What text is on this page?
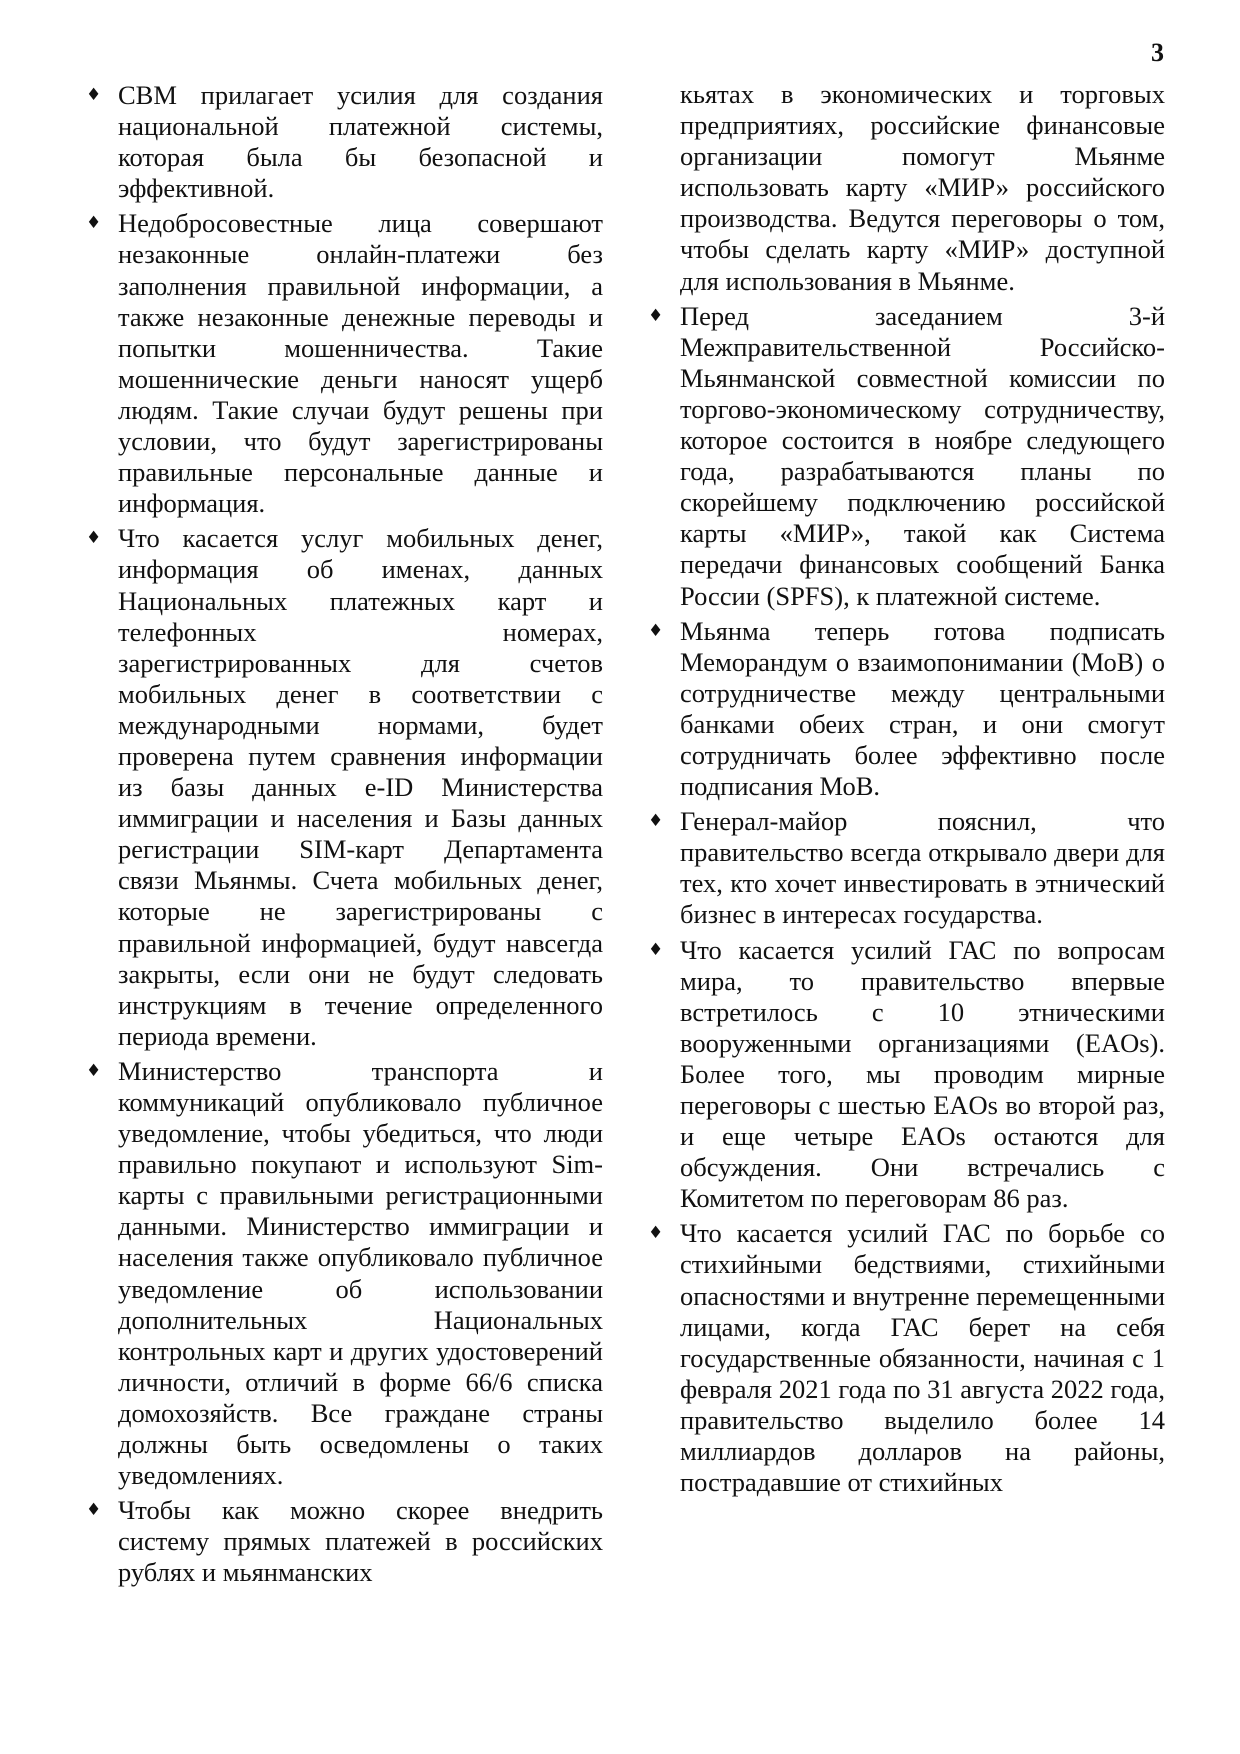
3
♦ СВМ прилагает усилия для создания национальной платежной системы, которая была бы безопасной и эффективной.
♦ Недобросовестные лица совершают незаконные онлайн-платежи без заполнения правильной информации, а также незаконные денежные переводы и попытки мошенничества. Такие мошеннические деньги наносят ущерб людям. Такие случаи будут решены при условии, что будут зарегистрированы правильные персональные данные и информация.
♦ Что касается услуг мобильных денег, информация об именах, данных Национальных платежных карт и телефонных номерах, зарегистрированных для счетов мобильных денег в соответствии с международными нормами, будет проверена путем сравнения информации из базы данных e-ID Министерства иммиграции и населения и Базы данных регистрации SIM-карт Департамента связи Мьянмы. Счета мобильных денег, которые не зарегистрированы с правильной информацией, будут навсегда закрыты, если они не будут следовать инструкциям в течение определенного периода времени.
♦ Министерство транспорта и коммуникаций опубликовало публичное уведомление, чтобы убедиться, что люди правильно покупают и используют Sim-карты с правильными регистрационными данными. Министерство иммиграции и населения также опубликовало публичное уведомление об использовании дополнительных Национальных контрольных карт и других удостоверений личности, отличий в форме 66/6 списка домохозяйств. Все граждане страны должны быть осведомлены о таких уведомлениях.
♦ Чтобы как можно скорее внедрить систему прямых платежей в российских рублях и мьянманских
кьятах в экономических и торговых предприятиях, российские финансовые организации помогут Мьянме использовать карту «МИР» российского производства. Ведутся переговоры о том, чтобы сделать карту «МИР» доступной для использования в Мьянме.
♦ Перед заседанием 3-й Межправительственной Российско-Мьянманской совместной комиссии по торгово-экономическому сотрудничеству, которое состоится в ноябре следующего года, разрабатываются планы по скорейшему подключению российской карты «МИР», такой как Система передачи финансовых сообщений Банка России (SPFS), к платежной системе.
♦ Мьянма теперь готова подписать Меморандум о взаимопонимании (МоВ) о сотрудничестве между центральными банками обеих стран, и они смогут сотрудничать более эффективно после подписания МоВ.
♦ Генерал-майор пояснил, что правительство всегда открывало двери для тех, кто хочет инвестировать в этнический бизнес в интересах государства.
♦ Что касается усилий ГАС по вопросам мира, то правительство впервые встретилось с 10 этническими вооруженными организациями (EAOs). Более того, мы проводим мирные переговоры с шестью EAOs во второй раз, и еще четыре EAOs остаются для обсуждения. Они встречались с Комитетом по переговорам 86 раз.
♦ Что касается усилий ГАС по борьбе со стихийными бедствиями, стихийными опасностями и внутренне перемещенными лицами, когда ГАС берет на себя государственные обязанности, начиная с 1 февраля 2021 года по 31 августа 2022 года, правительство выделило более 14 миллиардов долларов на районы, пострадавшие от стихийных
